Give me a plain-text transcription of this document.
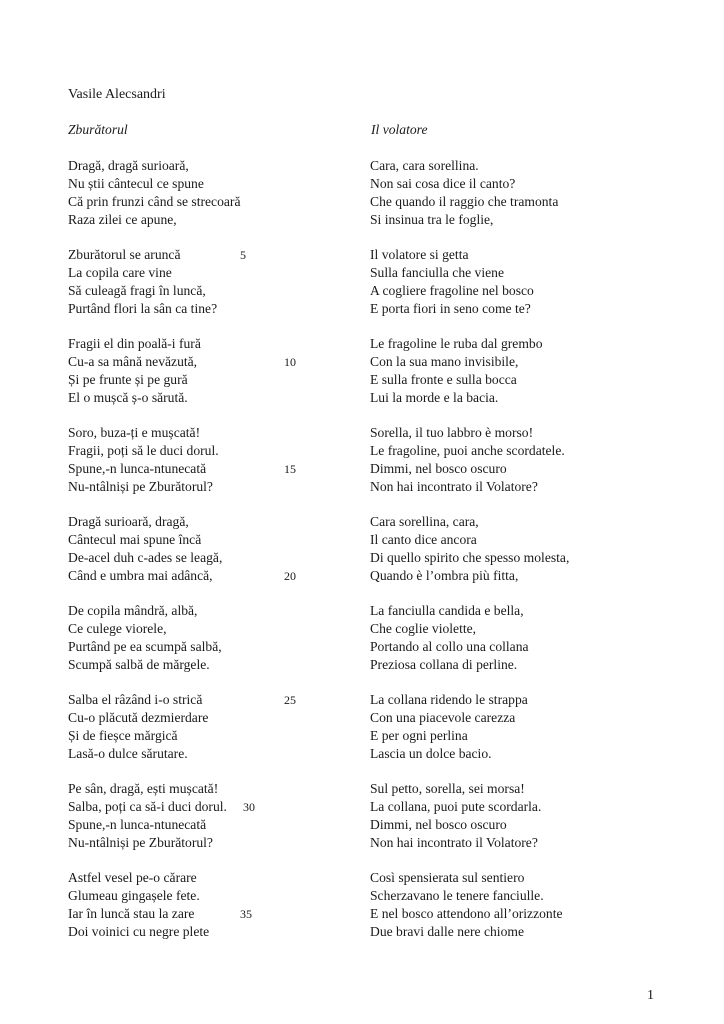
Vasile Alecsandri
Zburătorul	Il volatore
Dragă, dragă surioară,
Nu știi cântecul ce spune
Că prin frunzi când se strecoară
Raza zilei ce apune,
Zburătorul se aruncă
La copila care vine
Să culeagă fragi în luncă,
Purtând flori la sân ca tine?
Fragii el din poală-i fură
Cu-a sa mână nevăzută,
Și pe frunte și pe gură
El o mușcă ș-o sărută.
Soro, buza-ți e mușcată!
Fragii, poți să le duci dorul.
Spune,-n lunca-ntunecată
Nu-ntâlniși pe Zburătorul?
Dragă surioară, dragă,
Cântecul mai spune încă
De-acel duh c-ades se leagă,
Când e umbra mai adâncă,
De copila mândră, albă,
Ce culege viorele,
Purtând pe ea scumpă salbă,
Scumpă salbă de mărgele.
Salba el râzând i-o strică
Cu-o plăcută dezmierdare
Și de fieșce mărgică
Lasă-o dulce sărutare.
Pe sân, dragă, ești mușcată!
Salba, poți ca să-i duci dorul.
Spune,-n lunca-ntunecată
Nu-ntâlniși pe Zburătorul?
Astfel vesel pe-o cărare
Glumeau gingașele fete.
Iar în luncă stau la zare
Doi voinici cu negre plete
Cara, cara sorellina.
Non sai cosa dice il canto?
Che quando il raggio che tramonta
Si insinua tra le foglie,
Il volatore si getta
Sulla fanciulla che viene
A cogliere fragoline nel bosco
E porta fiori in seno come te?
Le fragoline le ruba dal grembo
Con la sua mano invisibile,
E sulla fronte e sulla bocca
Lui la morde e la bacia.
Sorella, il tuo labbro è morso!
Le fragoline, puoi anche scordatele.
Dimmi, nel bosco oscuro
Non hai incontrato il Volatore?
Cara sorellina, cara,
Il canto dice ancora
Di quello spirito che spesso molesta,
Quando è l’ombra più fitta,
La fanciulla candida e bella,
Che coglie violette,
Portando al collo una collana
Preziosa collana di perline.
La collana ridendo le strappa
Con una piacevole carezza
E per ogni perlina
Lascia un dolce bacio.
Sul petto, sorella, sei morsa!
La collana, puoi pute scordarla.
Dimmi, nel bosco oscuro
Non hai incontrato il Volatore?
Così spensierata sul sentiero
Scherzavano le tenere fanciulle.
E nel bosco attendono all’orizzonte
Due bravi dalle nere chiome
5
10
15
20
25
30
35
1
